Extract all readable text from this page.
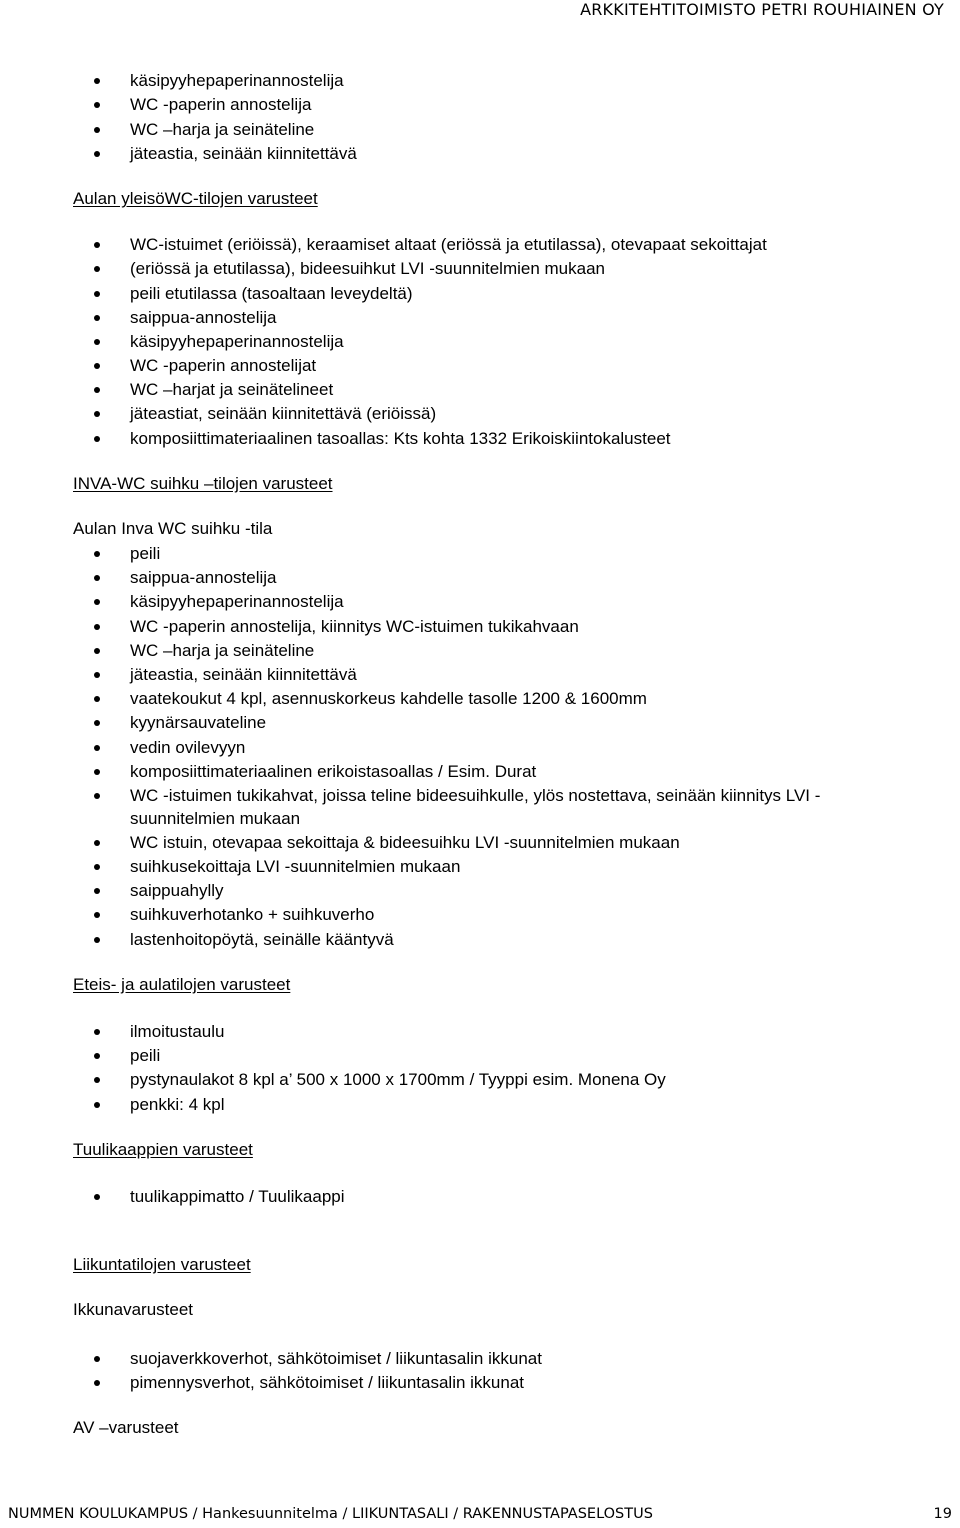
ARKKITEHTITOIMISTO PETRI ROUHIAINEN OY
käsipyyhepaperinannostelija
WC -paperin annostelija
WC –harja ja seinäteline
jäteastia, seinään kiinnitettävä
Aulan yleisöWC-tilojen varusteet
WC-istuimet (eriöissä), keraamiset altaat (eriössä ja etutilassa), otevapaat sekoittajat
(eriössä ja etutilassa), bideesuihkut LVI -suunnitelmien mukaan
peili etutilassa (tasoaltaan leveydeltä)
saippua-annostelija
käsipyyhepaperinannostelija
WC -paperin annostelijat
WC –harjat ja seinätelineet
jäteastiat, seinään kiinnitettävä (eriöissä)
komposiittimateriaalinen tasoallas: Kts kohta 1332 Erikoiskiintokalusteet
INVA-WC suihku –tilojen varusteet
Aulan Inva WC suihku -tila
peili
saippua-annostelija
käsipyyhepaperinannostelija
WC -paperin annostelija, kiinnitys WC-istuimen tukikahvaan
WC –harja ja seinäteline
jäteastia, seinään kiinnitettävä
vaatekoukut 4 kpl, asennuskorkeus kahdelle tasolle 1200 & 1600mm
kyynärsauvateline
vedin ovilevyyn
komposiittimateriaalinen erikoistasoallas / Esim. Durat
WC -istuimen tukikahvat, joissa teline bideesuihkulle, ylös nostettava, seinään kiinnitys LVI -
suunnitelmien mukaan
WC istuin, otevapaa sekoittaja & bideesuihku LVI -suunnitelmien mukaan
suihkusekoittaja LVI -suunnitelmien mukaan
saippuahylly
suihkuverhotanko + suihkuverho
lastenhoitopöytä, seinälle kääntyvä
Eteis- ja aulatilojen varusteet
ilmoitustaulu
peili
pystynaulakot 8 kpl a’ 500 x 1000 x 1700mm / Tyyppi esim. Monena Oy
penkki: 4 kpl
Tuulikaappien varusteet
tuulikappimatto / Tuulikaappi
Liikuntatilojen varusteet
Ikkunavarusteet
suojaverkkoverhot, sähkötoimiset / liikuntasalin ikkunat
pimennysverhot, sähkötoimiset / liikuntasalin ikkunat
AV –varusteet
NUMMEN KOULUKAMPUS / Hankesuunnitelma / LIIKUNTASALI / RAKENNUSTAPASELOSTUS	19
